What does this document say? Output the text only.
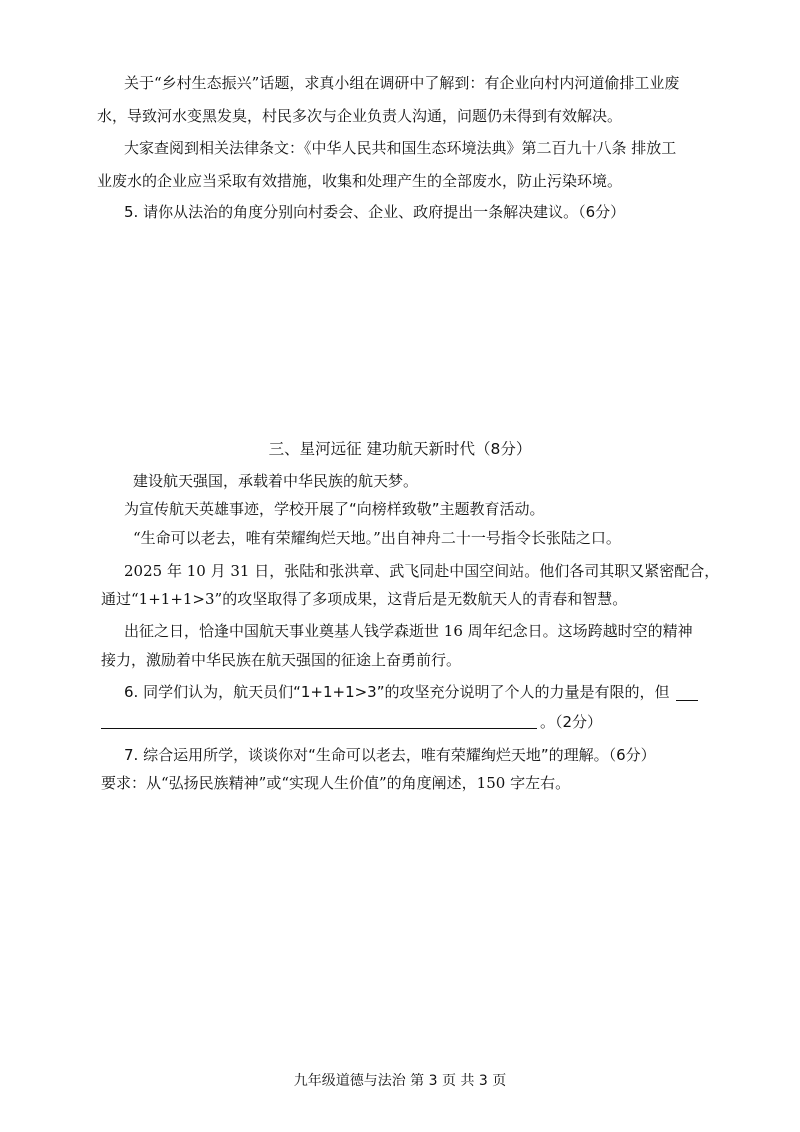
关于“乡村生态振兴”话题，求真小组在调研中了解到：有企业向村内河道偷排工业废
水，导致河水变黑发臭，村民多次与企业负责人沟通，问题仍未得到有效解决。
大家查阅到相关法律条文：《中华人民共和国生态环境法典》第二百九十八条 排放工
业废水的企业应当采取有效措施，收集和处理产生的全部废水，防止污染环境。
5. 请你从法治的角度分别向村委会、企业、政府提出一条解决建议。（6分）
三、星河远征 建功航天新时代（8分）
建设航天强国，承载着中华民族的航天梦。
为宣传航天英雄事迹，学校开展了“向榜样致敬”主题教育活动。
“生命可以老去，唯有荣耀绚烂天地。”出自神舟二十一号指令长张陆之口。
2025 年 10 月 31 日，张陆和张洪章、武飞同赴中国空间站。他们各司其职又紧密配合，
通过“1+1+1>3”的攻坚取得了多项成果，这背后是无数航天人的青春和智慧。
出征之日，恰逢中国航天事业奠基人钱学森逝世 16 周年纪念日。这场跨越时空的精神
接力，激励着中华民族在航天强国的征途上奋勇前行。
6. 同学们认为，航天员们“1+1+1>3”的攻坚充分说明了个人的力量是有限的，但
。（2分）
7. 综合运用所学，谈谈你对“生命可以老去，唯有荣耀绚烂天地”的理解。（6分）
要求：从“弘扬民族精神”或“实现人生价值”的角度阐述，150 字左右。
九年级道德与法治 第 3 页 共 3 页
